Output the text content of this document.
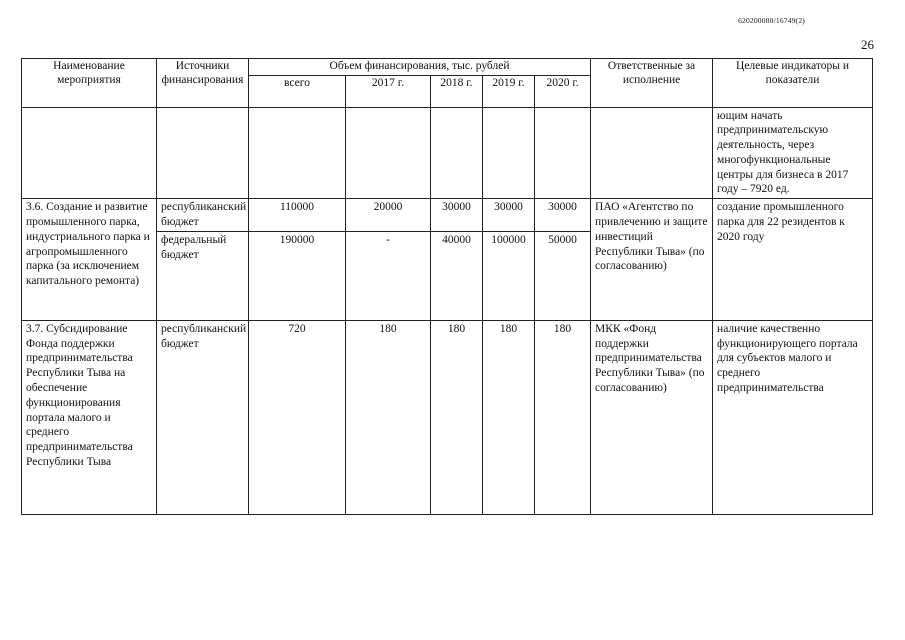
620200080/16749(2)
26
Наименование мероприятия	Источники финансирования	Объем финансирования, тыс. рублей					Ответственные за исполнение	Целевые индикаторы и показатели
		всего	2017 г.	2018 г.	2019 г.	2020 г.		
								ющим начать предпринимательскую деятельность, через многофункциональные центры для бизнеса в 2017 году – 7920 ед.
3.6. Создание и развитие промышленного парка, индустриального парка и агропромышленного парка (за исключением капитального ремонта)	республиканский бюджет	110000	20000	30000	30000	30000	ПАО «Агентство по привлечению и защите инвестиций Республики Тыва» (по согласованию)	создание промышленного парка для 22 резидентов к 2020 году
	федеральный бюджет	190000	-	40000	100000	50000		
3.7. Субсидирование Фонда поддержки предпринимательства Республики Тыва на обеспечение функционирования портала малого и среднего предпринимательства Республики Тыва	республиканский бюджет	720	180	180	180	180	МКК «Фонд поддержки предпринимательства Республики Тыва» (по согласованию)	наличие качественно функционирующего портала для субъектов малого и среднего предпринимательства
